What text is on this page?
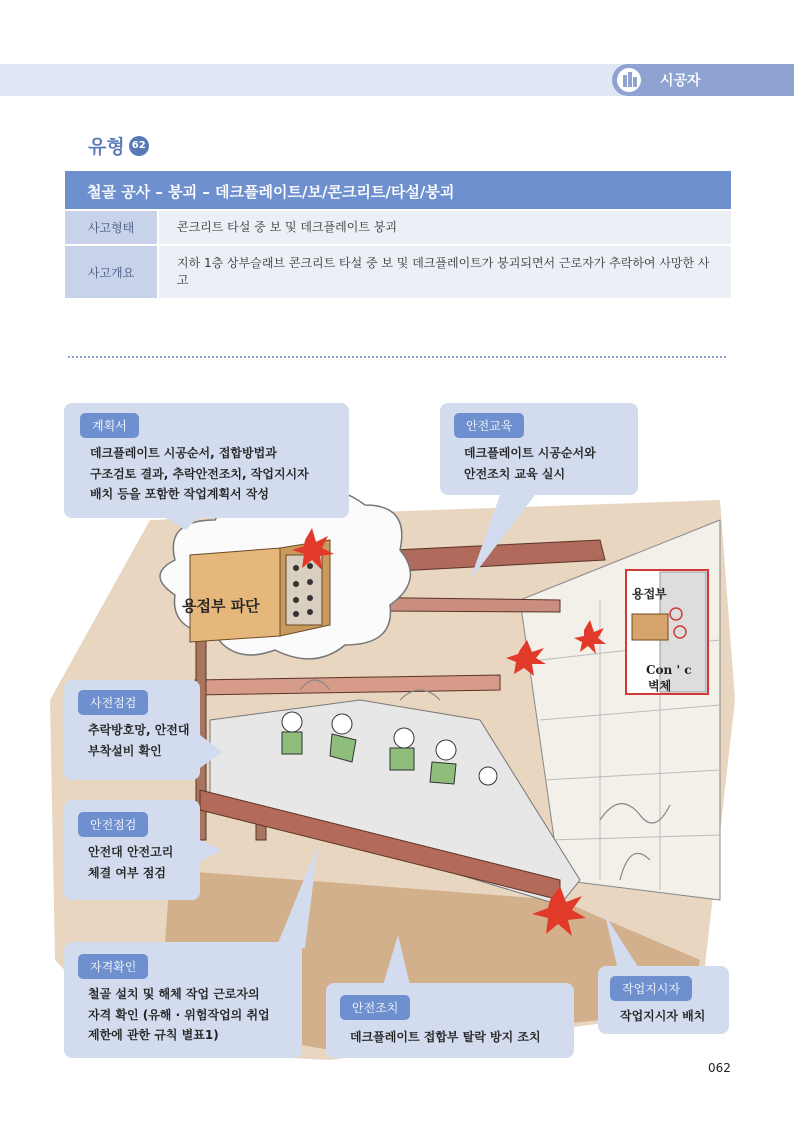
시공자
유형 62
철골 공사 – 붕괴 – 데크플레이트/보/콘크리트/타설/붕괴
사고형태	콘크리트 타설 중 보 및 데크플레이트 붕괴
사고개요
지하 1층 상부슬래브 콘크리트 타설 중 보 및 데크플레이트가 붕괴되면서 근로자가 추락하여 사망한 사고
용접부 파단
용접부
Con ' c
벽체
계획서
데크플레이트 시공순서, 접합방법과
구조검토 결과, 추락안전조치, 작업지시자
배치 등을 포함한 작업계획서 작성
안전교육
데크플레이트 시공순서와
안전조치 교육 실시
사전점검
추락방호망, 안전대
부착설비 확인
안전점검
안전대 안전고리
체결 여부 점검
자격확인
철골 설치 및 해체 작업 근로자의
자격 확인 (유해 · 위험작업의 취업
제한에 관한 규칙 별표1)
안전조치
데크플레이트 접합부 탈락 방지 조치
작업지시자
작업지시자 배치
062
